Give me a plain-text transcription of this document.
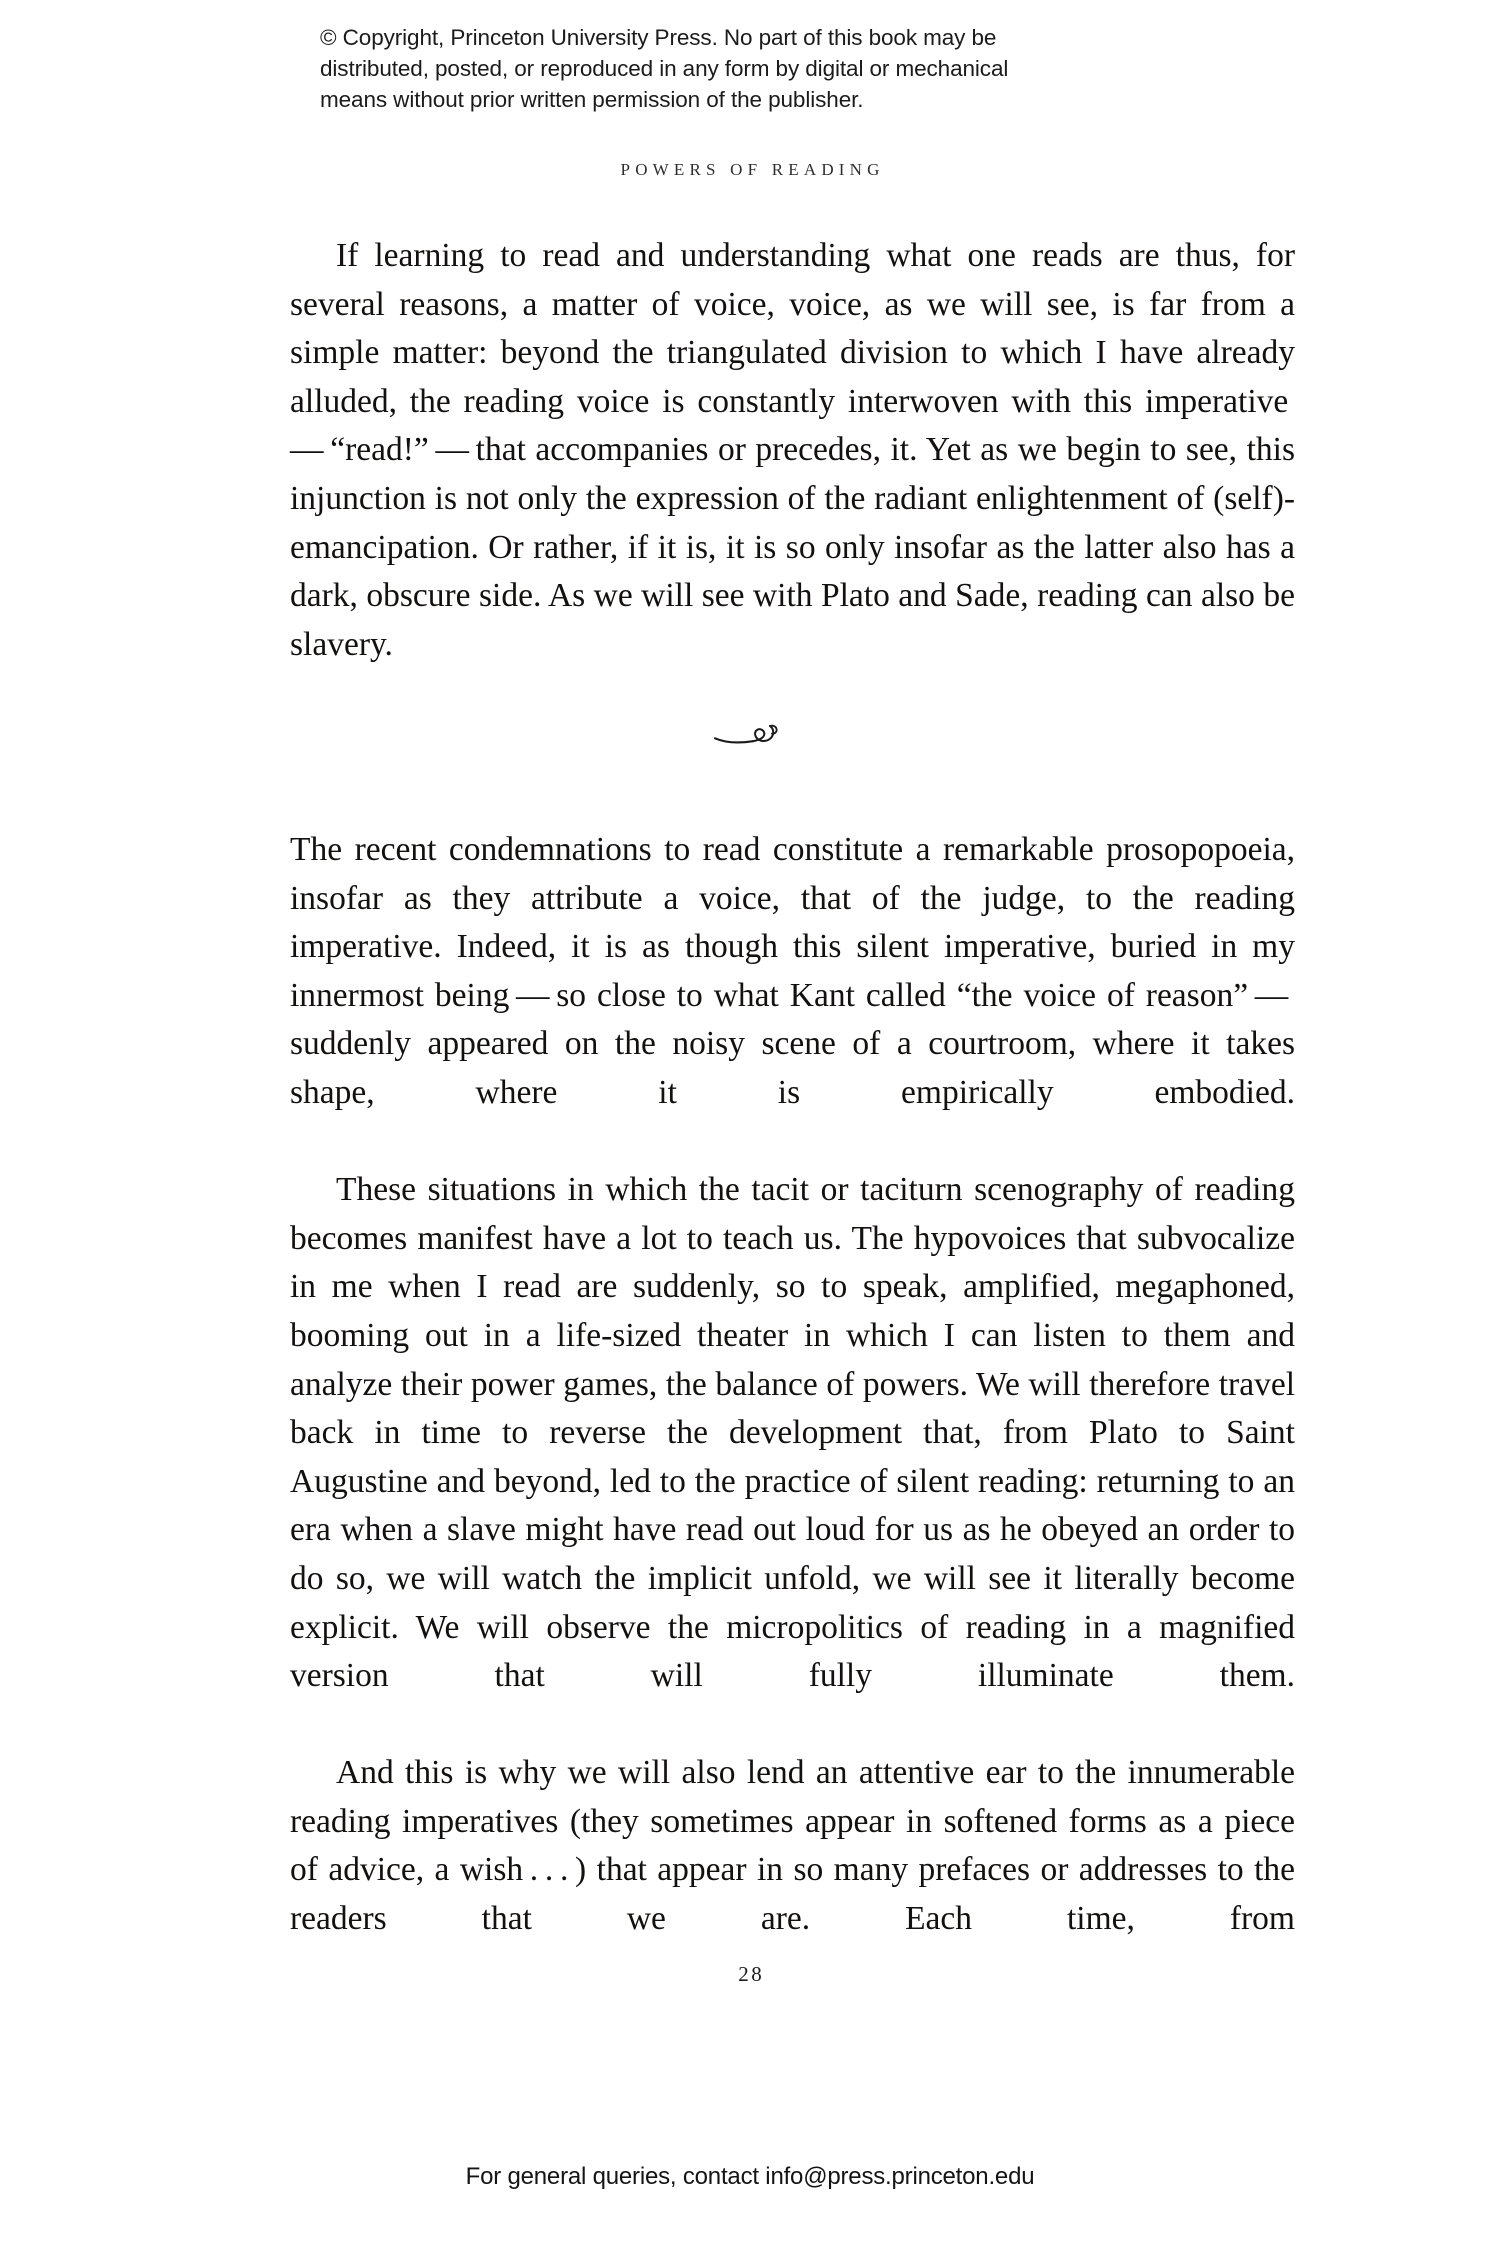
© Copyright, Princeton University Press. No part of this book may be
distributed, posted, or reproduced in any form by digital or mechanical
means without prior written permission of the publisher.
POWERS OF READING

If learning to read and understanding what one reads are thus, for several reasons, a matter of voice, voice, as we will see, is far from a simple matter: beyond the triangulated division to which I have already alluded, the reading voice is constantly interwoven with this imperative — “read!” — that accompanies or precedes, it. Yet as we begin to see, this injunction is not only the expression of the radiant enlightenment of (self)-emancipation. Or rather, if it is, it is so only insofar as the latter also has a dark, obscure side. As we will see with Plato and Sade, reading can also be slavery.

The recent condemnations to read constitute a remarkable prosopopoeia, insofar as they attribute a voice, that of the judge, to the reading imperative. Indeed, it is as though this silent imperative, buried in my innermost being — so close to what Kant called “the voice of reason” — suddenly appeared on the noisy scene of a courtroom, where it takes shape, where it is empirically embodied.

These situations in which the tacit or taciturn scenography of reading becomes manifest have a lot to teach us. The hypovoices that subvocalize in me when I read are suddenly, so to speak, amplified, megaphoned, booming out in a life-sized theater in which I can listen to them and analyze their power games, the balance of powers. We will therefore travel back in time to reverse the development that, from Plato to Saint Augustine and beyond, led to the practice of silent reading: returning to an era when a slave might have read out loud for us as he obeyed an order to do so, we will watch the implicit unfold, we will see it literally become explicit. We will observe the micropolitics of reading in a magnified version that will fully illuminate them.

And this is why we will also lend an attentive ear to the innumerable reading imperatives (they sometimes appear in softened forms as a piece of advice, a wish . . . ) that appear in so many prefaces or addresses to the readers that we are. Each time, from

28
For general queries, contact info@press.princeton.edu
